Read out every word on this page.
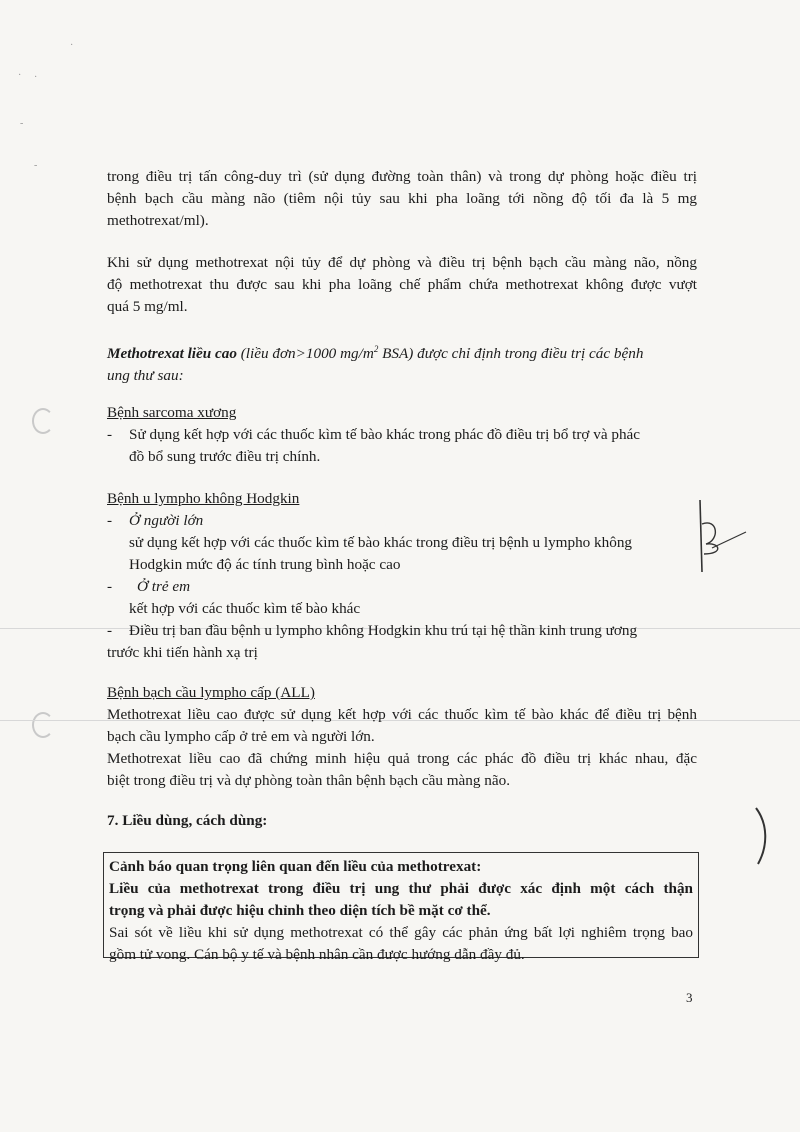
·
· ·
-
-
trong điều trị tấn công-duy trì (sử dụng đường toàn thân) và trong dự phòng hoặc điều trị
bệnh bạch cầu màng não (tiêm nội tủy sau khi pha loãng tới nồng độ tối đa là 5 mg
methotrexat/ml).
Khi sử dụng methotrexat nội tủy để dự phòng và điều trị bệnh bạch cầu màng não, nồng
độ methotrexat thu được sau khi pha loãng chế phẩm chứa methotrexat không được vượt
quá 5 mg/ml.
Methotrexat liều cao (liều đơn>1000 $mg/m^2$ BSA) được chỉ định trong điều trị các bệnh
ung thư sau:
Bệnh sarcoma xương
- Sử dụng kết hợp với các thuốc kìm tế bào khác trong phác đồ điều trị bổ trợ và phác
đồ bổ sung trước điều trị chính.
Bệnh u lympho không Hodgkin
- Ở người lớn
sử dụng kết hợp với các thuốc kìm tế bào khác trong điều trị bệnh u lympho không
Hodgkin mức độ ác tính trung bình hoặc cao
- Ở trẻ em
kết hợp với các thuốc kìm tế bào khác
- Điều trị ban đầu bệnh u lympho không Hodgkin khu trú tại hệ thần kinh trung ương
trước khi tiến hành xạ trị
Bệnh bạch cầu lympho cấp (ALL)
Methotrexat liều cao được sử dụng kết hợp với các thuốc kìm tế bào khác để điều trị bệnh
bạch cầu lympho cấp ở trẻ em và người lớn.
Methotrexat liều cao đã chứng minh hiệu quả trong các phác đồ điều trị khác nhau, đặc
biệt trong điều trị và dự phòng toàn thân bệnh bạch cầu màng não.
7. Liều dùng, cách dùng:
Cảnh báo quan trọng liên quan đến liều của methotrexat:
Liều của methotrexat trong điều trị ung thư phải được xác định một cách thận
trọng và phải được hiệu chỉnh theo diện tích bề mặt cơ thể.
Sai sót về liều khi sử dụng methotrexat có thể gây các phản ứng bất lợi nghiêm trọng bao
gồm tử vong. Cán bộ y tế và bệnh nhân cần được hướng dẫn đầy đủ.
3
